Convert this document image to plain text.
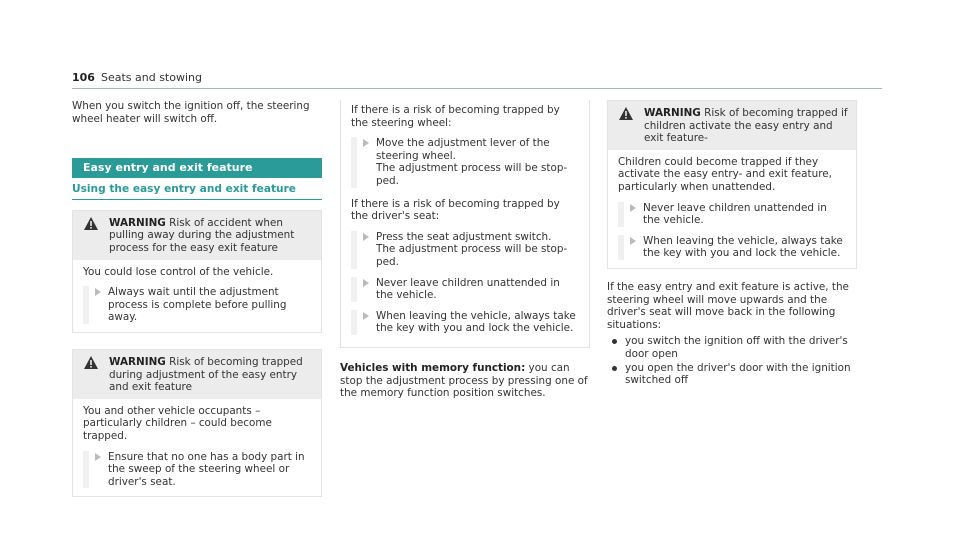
106 Seats and stowing

When you switch the ignition off, the steering wheel heater will switch off.

Easy entry and exit feature
Using the easy entry and exit feature
WARNING Risk of accident when pulling away during the adjustment process for the easy exit feature

You could lose control of the vehicle.

Always wait until the adjustment process is complete before pulling away.
WARNING Risk of becoming trapped during adjustment of the easy entry and exit feature

You and other vehicle occupants – particularly children – could become trapped.

Ensure that no one has a body part in the sweep of the steering wheel or driver's seat.

If there is a risk of becoming trapped by the steering wheel:

Move the adjustment lever of the steering wheel.
The adjustment process will be stop-ped.

If there is a risk of becoming trapped by the driver's seat:

Press the seat adjustment switch.
The adjustment process will be stop-ped.
Never leave children unattended in the vehicle.
When leaving the vehicle, always take the key with you and lock the vehicle.

Vehicles with memory function: you can stop the adjustment process by pressing one of the memory function position switches.

WARNING Risk of becoming trapped if children activate the easy entry and exit feature-

Children could become trapped if they activate the easy entry- and exit feature, particularly when unattended.

Never leave children unattended in the vehicle.
When leaving the vehicle, always take the key with you and lock the vehicle.

If the easy entry and exit feature is active, the steering wheel will move upwards and the driver's seat will move back in the following situations:

you switch the ignition off with the driver's door open
you open the driver's door with the ignition switched off
